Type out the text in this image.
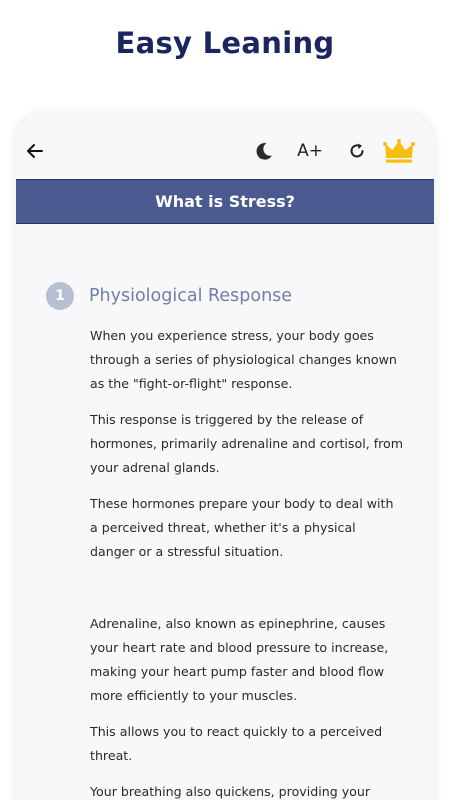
Easy Leaning
A+
What is Stress?
1	Physiological Response

When you experience stress, your body goes through a series of physiological changes known as the "fight-or-flight" response.

This response is triggered by the release of hormones, primarily adrenaline and cortisol, from your adrenal glands.

These hormones prepare your body to deal with a perceived threat, whether it's a physical danger or a stressful situation.

Adrenaline, also known as epinephrine, causes your heart rate and blood pressure to increase, making your heart pump faster and blood flow more efficiently to your muscles.

This allows you to react quickly to a perceived threat.

Your breathing also quickens, providing your
